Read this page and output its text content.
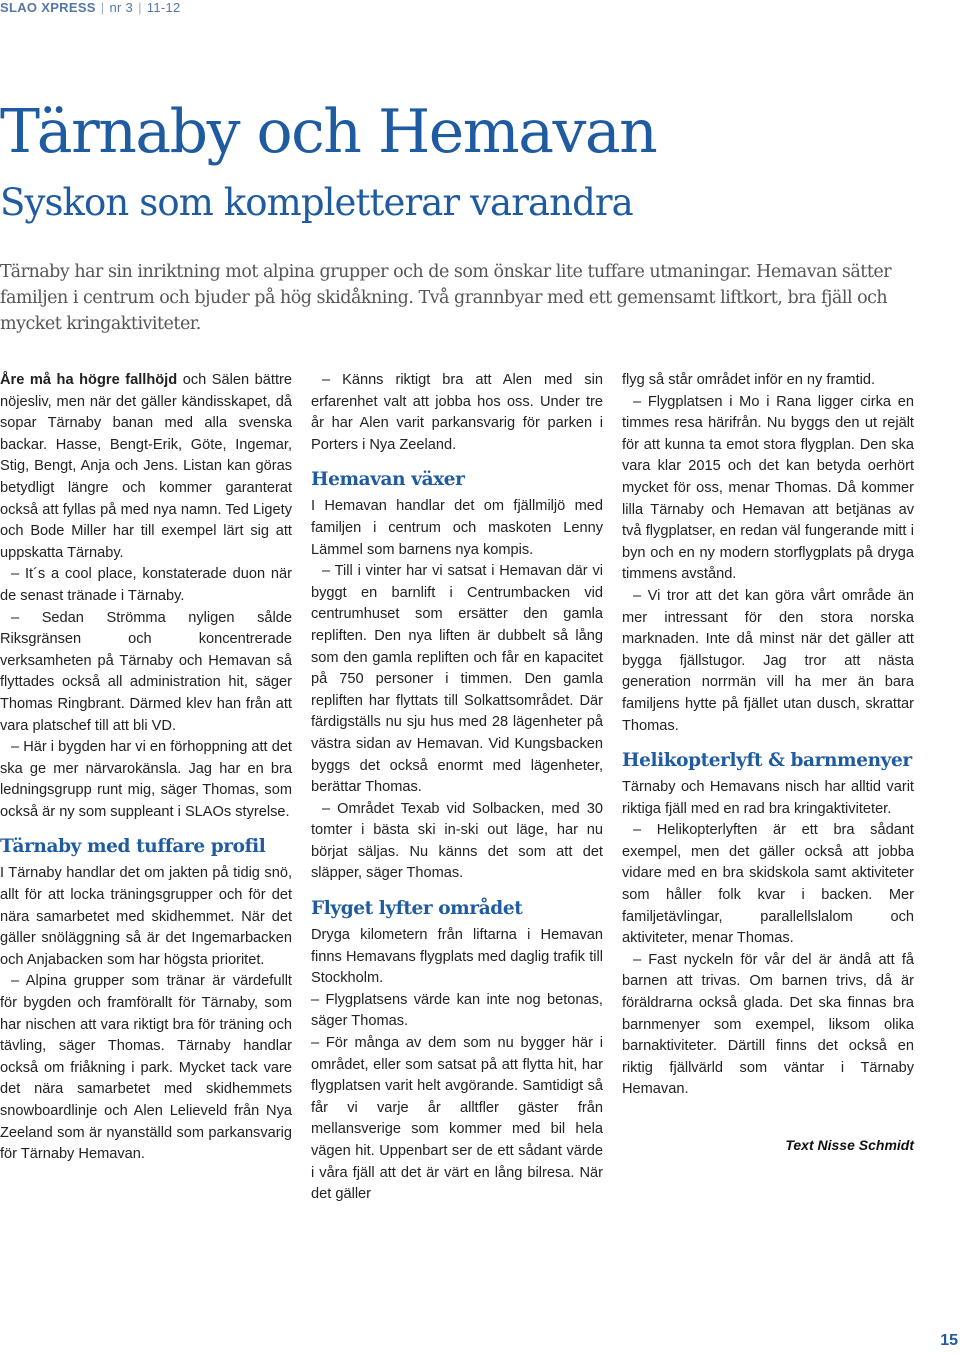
SLAO XPRESS | nr 3 | 11-12
Tärnaby och Hemavan
Syskon som kompletterar varandra

Tärnaby har sin inriktning mot alpina grupper och de som önskar lite tuffare utmaningar. Hemavan sätter familjen i centrum och bjuder på hög skidåkning. Två grannbyar med ett gemensamt liftkort, bra fjäll och mycket kringaktiviteter.

Åre må ha högre fallhöjd och Sälen bättre nöjesliv, men när det gäller kändisskapet, då sopar Tärnaby banan med alla svenska backar. Hasse, Bengt-Erik, Göte, Ingemar, Stig, Bengt, Anja och Jens. Listan kan göras betydligt längre och kommer garanterat också att fyllas på med nya namn. Ted Ligety och Bode Miller har till exempel lärt sig att uppskatta Tärnaby.

– It´s a cool place, konstaterade duon när de senast tränade i Tärnaby.

– Sedan Strömma nyligen sålde Riksgränsen och koncentrerade verksamheten på Tärnaby och Hemavan så flyttades också all administration hit, säger Thomas Ringbrant. Därmed klev han från att vara platschef till att bli VD.

– Här i bygden har vi en förhoppning att det ska ge mer närvarokänsla. Jag har en bra ledningsgrupp runt mig, säger Thomas, som också är ny som suppleant i SLAOs styrelse.

Tärnaby med tuffare profil

I Tärnaby handlar det om jakten på tidig snö, allt för att locka träningsgrupper och för det nära samarbetet med skidhemmet. När det gäller snöläggning så är det Ingemarbacken och Anjabacken som har högsta prioritet.

– Alpina grupper som tränar är värdefullt för bygden och framförallt för Tärnaby, som har nischen att vara riktigt bra för träning och tävling, säger Thomas. Tärnaby handlar också om friåkning i park. Mycket tack vare det nära samarbetet med skidhemmets snowboardlinje och Alen Lelieveld från Nya Zeeland som är nyanställd som parkansvarig för Tärnaby Hemavan.

– Känns riktigt bra att Alen med sin erfarenhet valt att jobba hos oss. Under tre år har Alen varit parkansvarig för parken i Porters i Nya Zeeland.

Hemavan växer

I Hemavan handlar det om fjällmiljö med familjen i centrum och maskoten Lenny Lämmel som barnens nya kompis.

– Till i vinter har vi satsat i Hemavan där vi byggt en barnlift i Centrumbacken vid centrumhuset som ersätter den gamla repliften. Den nya liften är dubbelt så lång som den gamla repliften och får en kapacitet på 750 personer i timmen. Den gamla repliften har flyttats till Solkattsområdet. Där färdigställs nu sju hus med 28 lägenheter på västra sidan av Hemavan. Vid Kungsbacken byggs det också enormt med lägenheter, berättar Thomas.

– Området Texab vid Solbacken, med 30 tomter i bästa ski in-ski out läge, har nu börjat säljas. Nu känns det som att det släpper, säger Thomas.

Flyget lyfter området

Dryga kilometern från liftarna i Hemavan finns Hemavans flygplats med daglig trafik till Stockholm.

– Flygplatsens värde kan inte nog betonas, säger Thomas.

– För många av dem som nu bygger här i området, eller som satsat på att flytta hit, har flygplatsen varit helt avgörande. Samtidigt så får vi varje år alltfler gäster från mellansverige som kommer med bil hela vägen hit. Uppenbart ser de ett sådant värde i våra fjäll att det är värt en lång bilresa. När det gäller

flyg så står området inför en ny framtid.

– Flygplatsen i Mo i Rana ligger cirka en timmes resa härifrån. Nu byggs den ut rejält för att kunna ta emot stora flygplan. Den ska vara klar 2015 och det kan betyda oerhört mycket för oss, menar Thomas. Då kommer lilla Tärnaby och Hemavan att betjänas av två flygplatser, en redan väl fungerande mitt i byn och en ny modern storflygplats på dryga timmens avstånd.

– Vi tror att det kan göra vårt område än mer intressant för den stora norska marknaden. Inte då minst när det gäller att bygga fjällstugor. Jag tror att nästa generation norrmän vill ha mer än bara familjens hytte på fjället utan dusch, skrattar Thomas.

Helikopterlyft & barnmenyer

Tärnaby och Hemavans nisch har alltid varit riktiga fjäll med en rad bra kringaktiviteter.

– Helikopterlyften är ett bra sådant exempel, men det gäller också att jobba vidare med en bra skidskola samt aktiviteter som håller folk kvar i backen. Mer familjetävlingar, parallellslalom och aktiviteter, menar Thomas.

– Fast nyckeln för vår del är ändå att få barnen att trivas. Om barnen trivs, då är föräldrarna också glada. Det ska finnas bra barnmenyer som exempel, liksom olika barnaktiviteter. Därtill finns det också en riktig fjällvärld som väntar i Tärnaby Hemavan.

Text Nisse Schmidt
15
